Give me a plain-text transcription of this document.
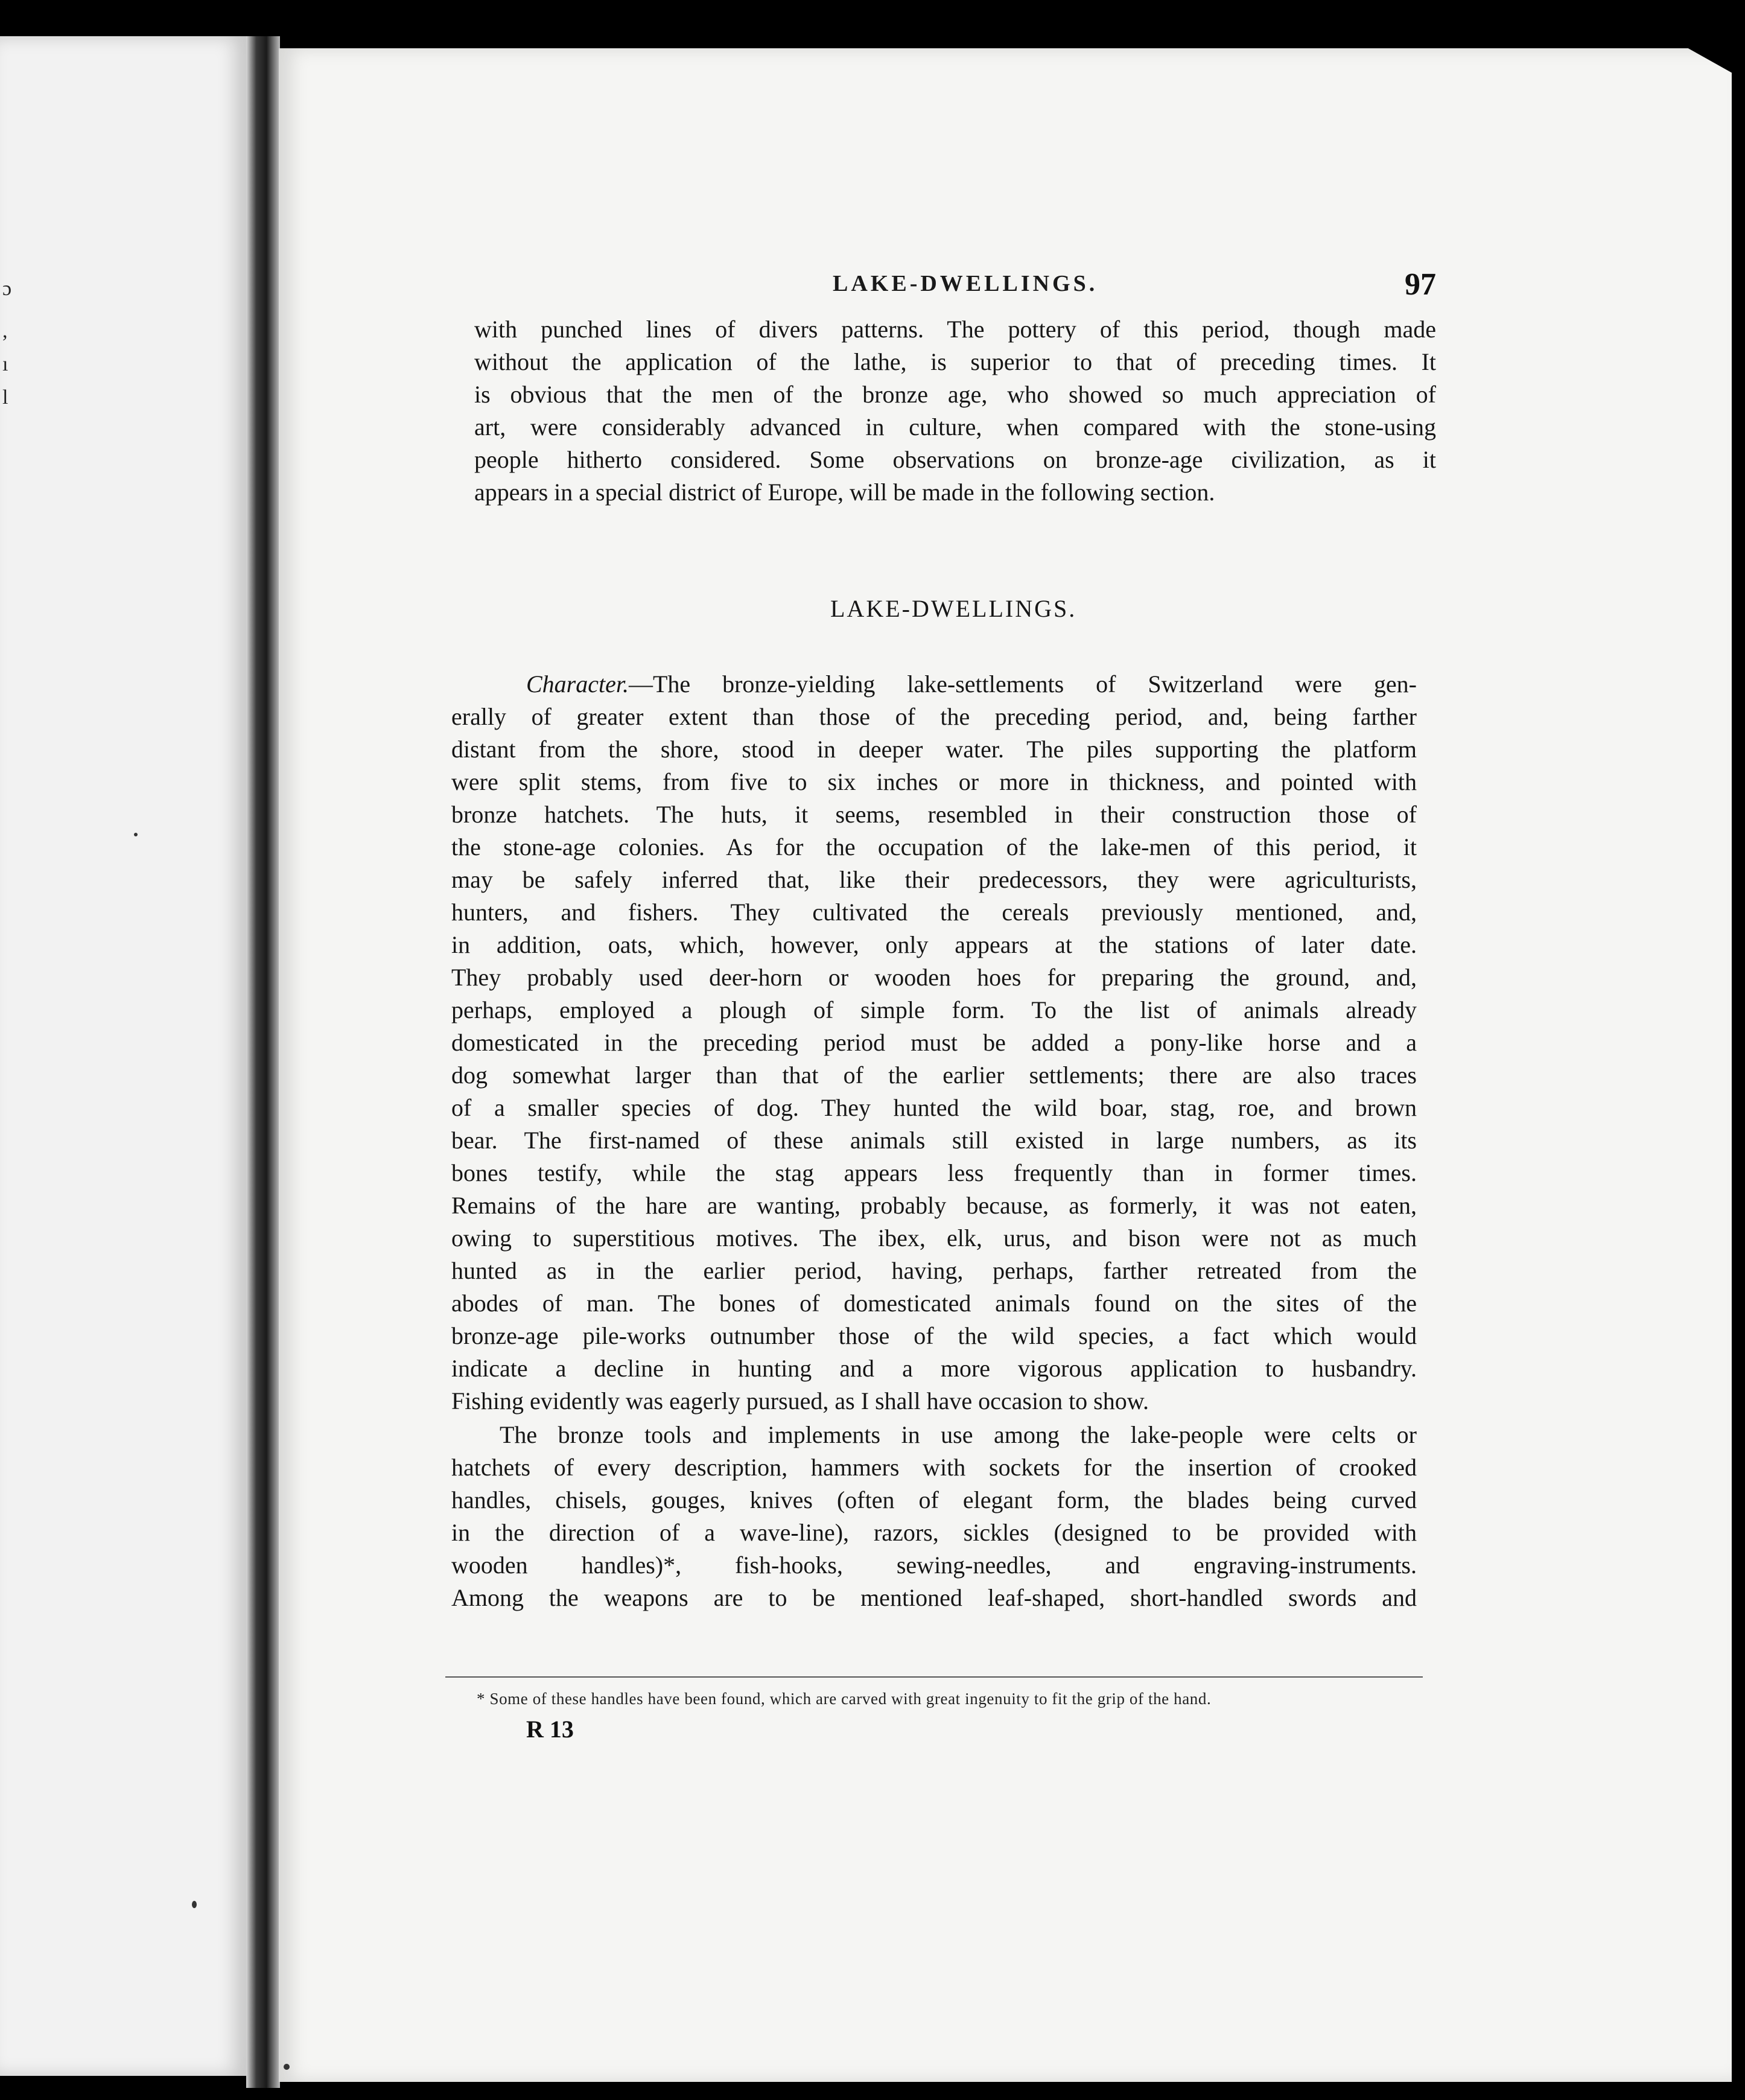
ɔ
,
ı
l
LAKE-DWELLINGS.	97
with punched lines of divers patterns. The pottery of this period, though made
without the application of the lathe, is superior to that of preceding times. It
is obvious that the men of the bronze age, who showed so much appreciation of
art, were considerably advanced in culture, when compared with the stone-using
people hitherto considered. Some observations on bronze-age civilization, as it
appears in a special district of Europe, will be made in the following section.
LAKE-DWELLINGS.
Character.—The bronze-yielding lake-settlements of Switzerland were gen-
erally of greater extent than those of the preceding period, and, being farther
distant from the shore, stood in deeper water. The piles supporting the platform
were split stems, from five to six inches or more in thickness, and pointed with
bronze hatchets. The huts, it seems, resembled in their construction those of
the stone-age colonies. As for the occupation of the lake-men of this period, it
may be safely inferred that, like their predecessors, they were agriculturists,
hunters, and fishers. They cultivated the cereals previously mentioned, and,
in addition, oats, which, however, only appears at the stations of later date.
They probably used deer-horn or wooden hoes for preparing the ground, and,
perhaps, employed a plough of simple form. To the list of animals already
domesticated in the preceding period must be added a pony-like horse and a
dog somewhat larger than that of the earlier settlements; there are also traces
of a smaller species of dog. They hunted the wild boar, stag, roe, and brown
bear. The first-named of these animals still existed in large numbers, as its
bones testify, while the stag appears less frequently than in former times.
Remains of the hare are wanting, probably because, as formerly, it was not eaten,
owing to superstitious motives. The ibex, elk, urus, and bison were not as much
hunted as in the earlier period, having, perhaps, farther retreated from the
abodes of man. The bones of domesticated animals found on the sites of the
bronze-age pile-works outnumber those of the wild species, a fact which would
indicate a decline in hunting and a more vigorous application to husbandry.
Fishing evidently was eagerly pursued, as I shall have occasion to show.
The bronze tools and implements in use among the lake-people were celts or
hatchets of every description, hammers with sockets for the insertion of crooked
handles, chisels, gouges, knives (often of elegant form, the blades being curved
in the direction of a wave-line), razors, sickles (designed to be provided with
wooden handles)*, fish-hooks, sewing-needles, and engraving-instruments.
Among the weapons are to be mentioned leaf-shaped, short-handled swords and
* Some of these handles have been found, which are carved with great ingenuity to fit the grip of the hand.
R 13
